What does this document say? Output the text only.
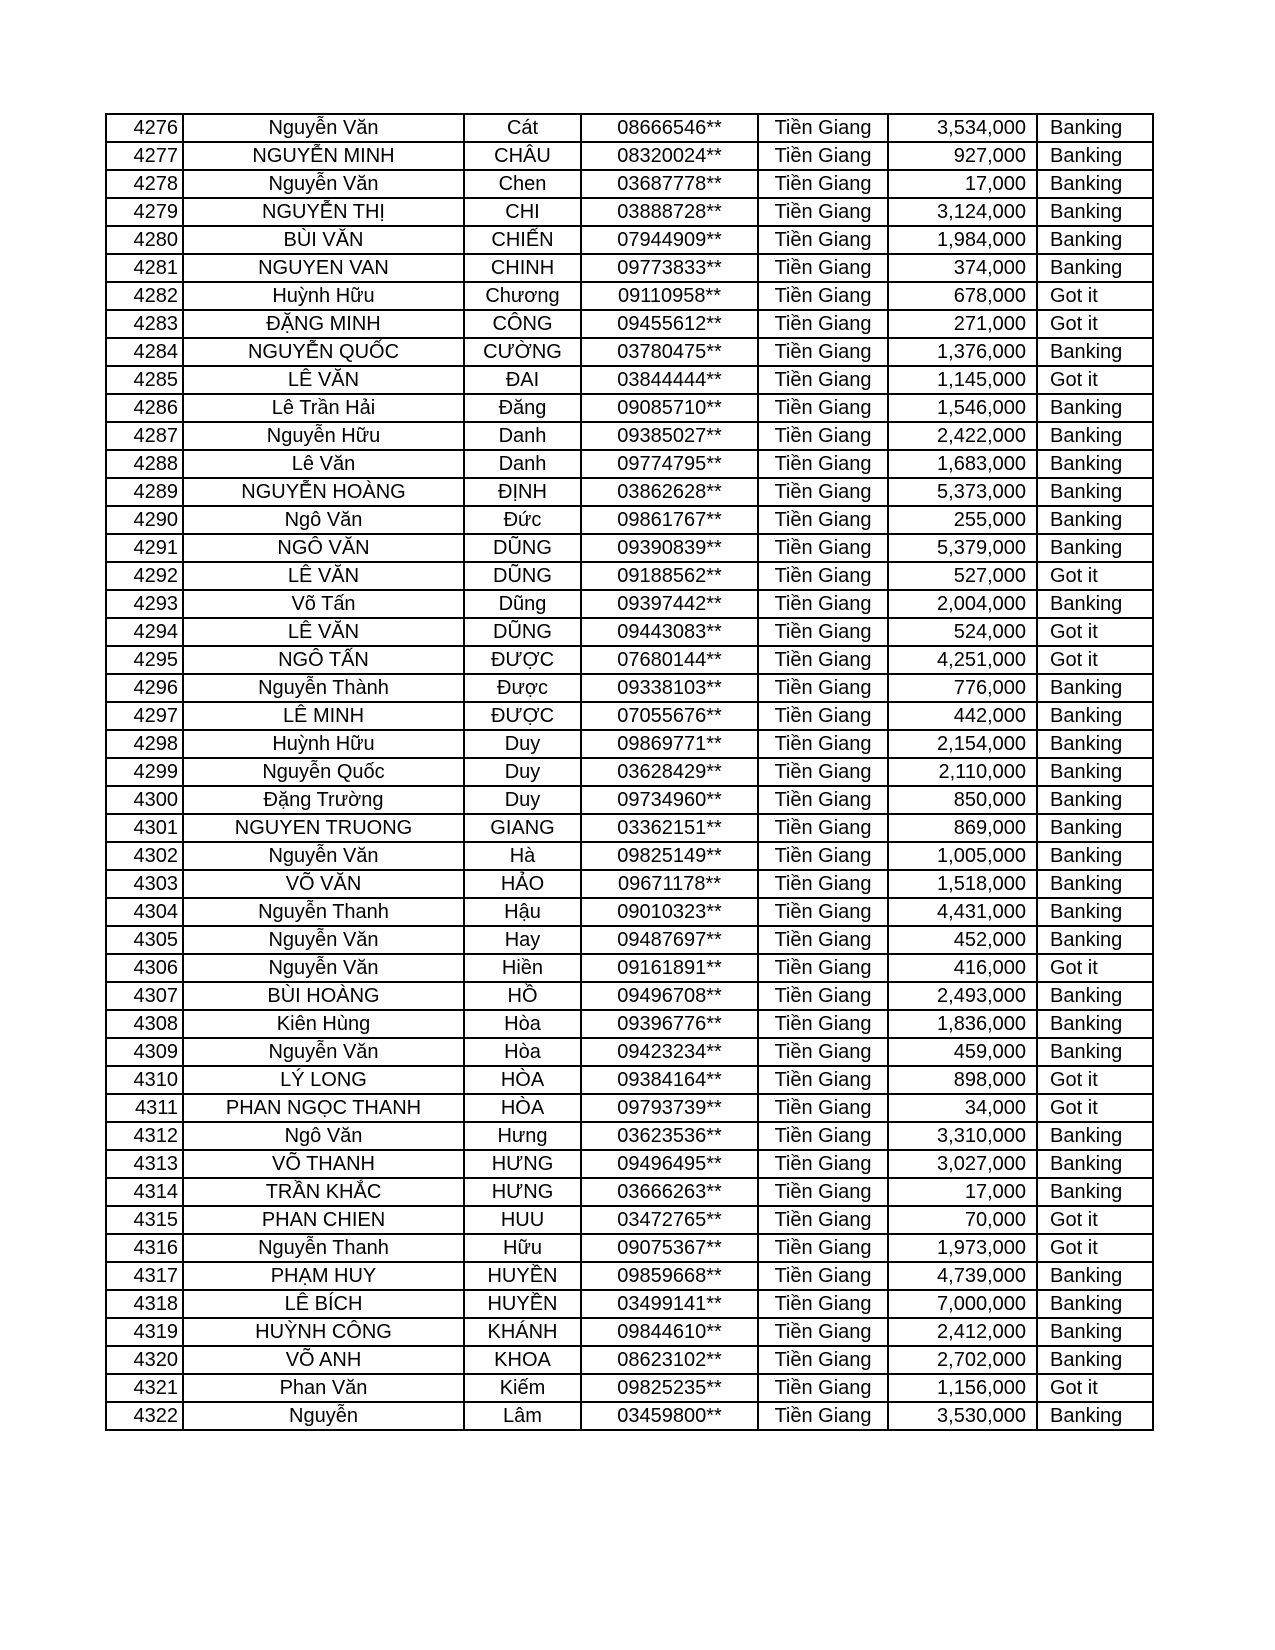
4276	Nguyễn Văn	Cát	08666546**	Tiền Giang	3,534,000	Banking
4277	NGUYỄN MINH	CHÂU	08320024**	Tiền Giang	927,000	Banking
4278	Nguyễn Văn	Chen	03687778**	Tiền Giang	17,000	Banking
4279	NGUYỄN THỊ	CHI	03888728**	Tiền Giang	3,124,000	Banking
4280	BÙI VĂN	CHIẾN	07944909**	Tiền Giang	1,984,000	Banking
4281	NGUYEN VAN	CHINH	09773833**	Tiền Giang	374,000	Banking
4282	Huỳnh Hữu	Chương	09110958**	Tiền Giang	678,000	Got it
4283	ĐẶNG MINH	CÔNG	09455612**	Tiền Giang	271,000	Got it
4284	NGUYỄN QUỐC	CƯỜNG	03780475**	Tiền Giang	1,376,000	Banking
4285	LÊ VĂN	ĐAI	03844444**	Tiền Giang	1,145,000	Got it
4286	Lê Trần Hải	Đăng	09085710**	Tiền Giang	1,546,000	Banking
4287	Nguyễn Hữu	Danh	09385027**	Tiền Giang	2,422,000	Banking
4288	Lê Văn	Danh	09774795**	Tiền Giang	1,683,000	Banking
4289	NGUYỄN HOÀNG	ĐỊNH	03862628**	Tiền Giang	5,373,000	Banking
4290	Ngô Văn	Đức	09861767**	Tiền Giang	255,000	Banking
4291	NGÔ VĂN	DŨNG	09390839**	Tiền Giang	5,379,000	Banking
4292	LÊ VĂN	DŨNG	09188562**	Tiền Giang	527,000	Got it
4293	Võ Tấn	Dũng	09397442**	Tiền Giang	2,004,000	Banking
4294	LÊ VĂN	DŨNG	09443083**	Tiền Giang	524,000	Got it
4295	NGÔ TẤN	ĐƯỢC	07680144**	Tiền Giang	4,251,000	Got it
4296	Nguyễn Thành	Được	09338103**	Tiền Giang	776,000	Banking
4297	LÊ MINH	ĐƯỢC	07055676**	Tiền Giang	442,000	Banking
4298	Huỳnh Hữu	Duy	09869771**	Tiền Giang	2,154,000	Banking
4299	Nguyễn Quốc	Duy	03628429**	Tiền Giang	2,110,000	Banking
4300	Đặng Trường	Duy	09734960**	Tiền Giang	850,000	Banking
4301	NGUYEN TRUONG	GIANG	03362151**	Tiền Giang	869,000	Banking
4302	Nguyễn Văn	Hà	09825149**	Tiền Giang	1,005,000	Banking
4303	VÕ VĂN	HẢO	09671178**	Tiền Giang	1,518,000	Banking
4304	Nguyễn Thanh	Hậu	09010323**	Tiền Giang	4,431,000	Banking
4305	Nguyễn Văn	Hay	09487697**	Tiền Giang	452,000	Banking
4306	Nguyễn Văn	Hiền	09161891**	Tiền Giang	416,000	Got it
4307	BÙI HOÀNG	HỒ	09496708**	Tiền Giang	2,493,000	Banking
4308	Kiên Hùng	Hòa	09396776**	Tiền Giang	1,836,000	Banking
4309	Nguyễn Văn	Hòa	09423234**	Tiền Giang	459,000	Banking
4310	LÝ LONG	HÒA	09384164**	Tiền Giang	898,000	Got it
4311	PHAN NGỌC THANH	HÒA	09793739**	Tiền Giang	34,000	Got it
4312	Ngô Văn	Hưng	03623536**	Tiền Giang	3,310,000	Banking
4313	VÕ THANH	HƯNG	09496495**	Tiền Giang	3,027,000	Banking
4314	TRẦN KHẮC	HƯNG	03666263**	Tiền Giang	17,000	Banking
4315	PHAN CHIEN	HUU	03472765**	Tiền Giang	70,000	Got it
4316	Nguyễn Thanh	Hữu	09075367**	Tiền Giang	1,973,000	Got it
4317	PHẠM HUY	HUYỀN	09859668**	Tiền Giang	4,739,000	Banking
4318	LÊ BÍCH	HUYỀN	03499141**	Tiền Giang	7,000,000	Banking
4319	HUỲNH CÔNG	KHÁNH	09844610**	Tiền Giang	2,412,000	Banking
4320	VÕ ANH	KHOA	08623102**	Tiền Giang	2,702,000	Banking
4321	Phan Văn	Kiếm	09825235**	Tiền Giang	1,156,000	Got it
4322	Nguyễn	Lâm	03459800**	Tiền Giang	3,530,000	Banking
